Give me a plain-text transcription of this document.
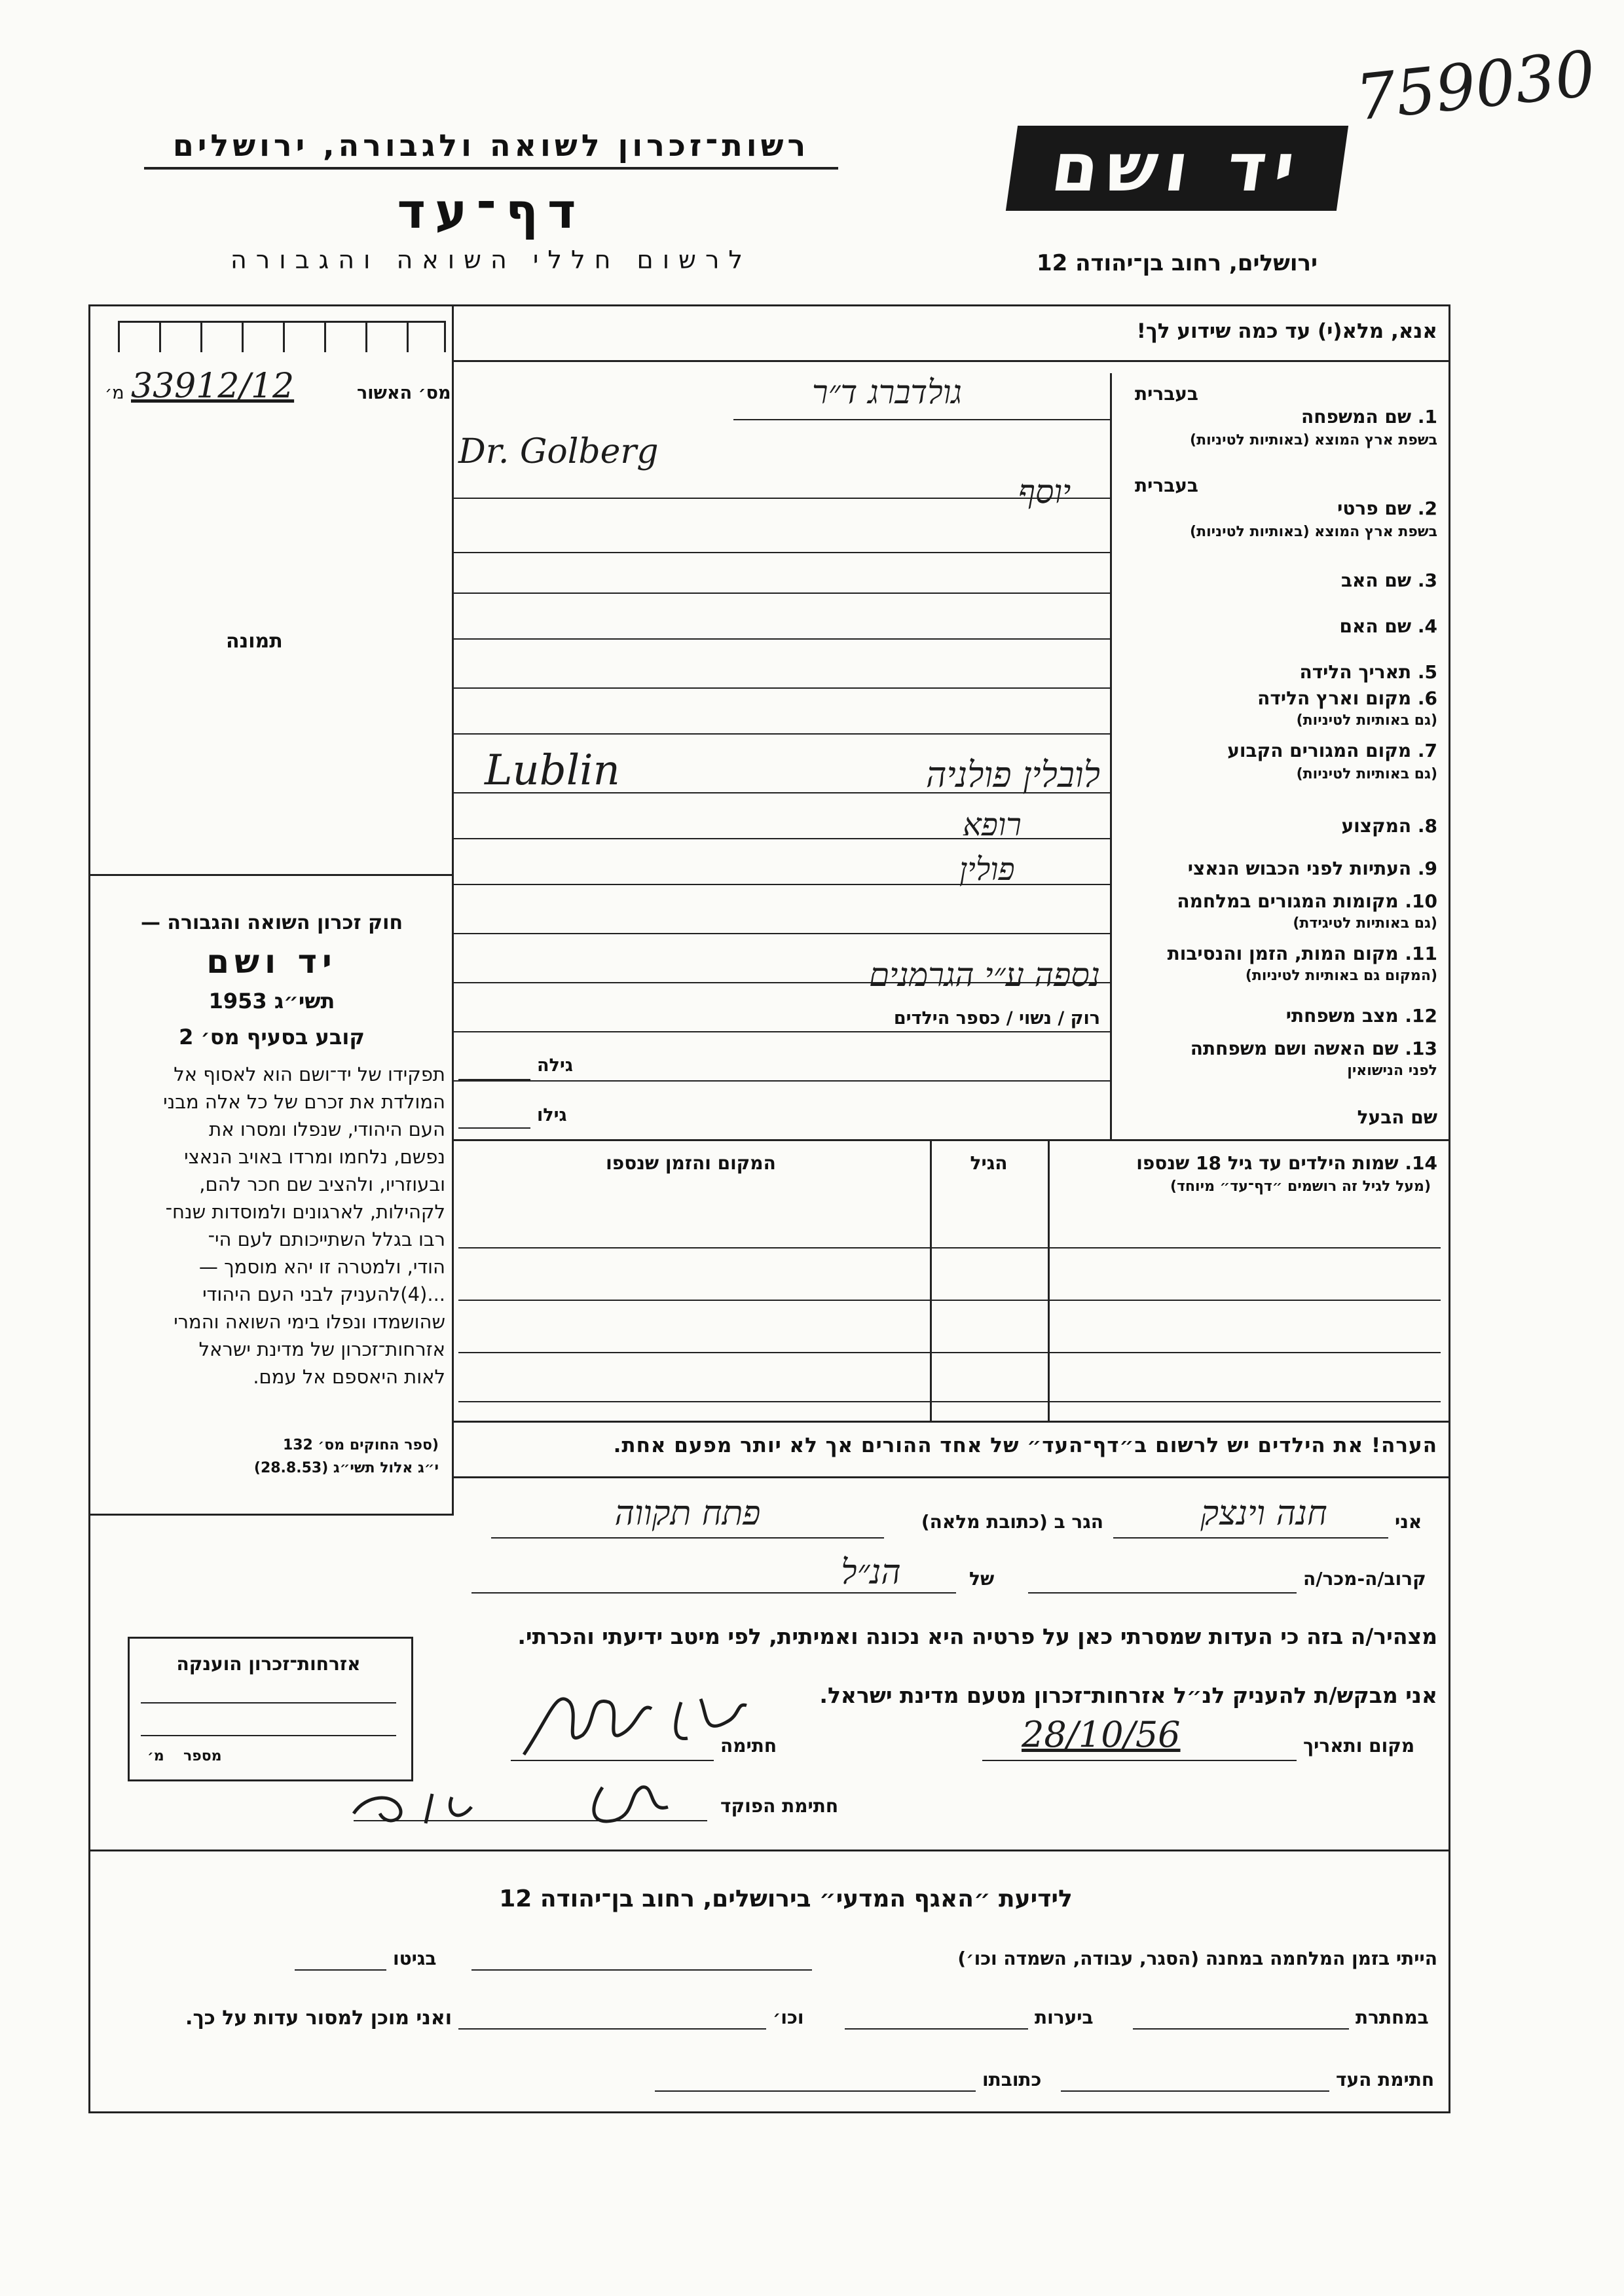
759030
רשות־זכרון לשואה ולגבורה, ירושלים
דף־עד
לרשום חללי השואה והגבורה
יד ושם
ירושלים, רחוב בן־יהודה 12
מס׳ האשור
מ׳ 33912/12
תמונה
חוק זכרון השואה והגבורה —
יד ושם
תשי״ג 1953
קובע בסעיף מס׳ 2
תפקידו של יד־ושם הוא לאסוף אל
המולדת את זכרם של כל אלה מבני
העם היהודי, שנפלו ומסרו את
נפשם, נלחמו ומרדו באויב הנאצי
ובעוזריו, ולהציב שם חכר להם,
לקהילות, לארגונים ולמוסדות שנח־
רבו בגלל השתייכותם לעם הי־
הודי, ולמטרה זו יהא מוסמך —
...(4)להעניק לבני העם היהודי
שהושמדו ונפלו בימי השואה והמרי
אזרחות־זכרון של מדינת ישראל
לאות היאספם אל עמם.
(ספר החוקים מס׳ 132
י״ג אלול תשי״ג (28.8.53)
אנא, מלא(י) עד כמה שידוע לך!
בעברית
1. שם המשפחה
בשפת ארץ המוצא (באותיות לטיניות)
גולדברג ד״ר
Dr. Golberg
בעברית
2. שם פרטי
בשפת ארץ המוצא (באותיות לטיניות)
יוסף
3. שם האב
4. שם האם
5. תאריך הלידה
6. מקום וארץ הלידה
(גם באותיות לטיניות)
7. מקום המגורים הקבוע
(גם באותיות לטיניות)
לובלין פולניה
Lublin
8. המקצוע
רופא
9. העתיות לפני הכבוש הנאצי
פולין
10. מקומות המגורים במלחמה
(גם באותיות לטיגידת)
11. מקום המות, הזמן והנסיבות
(המקום גם באותיות לטיניות)
נספה ע״י הגרמנים
12. מצב משפחתי
רוק / נשוי / כספר הילדים
13. שם האשה ושם משפחתה
לפני הנישואין
גילה
שם הבעל
גילו
14. שמות הילדים עד גיל 18 שנספו
(מעל לגיל זה רושמים ״דף־עד״ מיוחד)
הגיל
המקום והזמן שנספו
הערה! את הילדים יש לרשום ב״דף־העד״ של אחד ההורים אך לא יותר מפעם אחת.
אני
חנה וינצק
הגר ב (כתובת מלאה)
פתח תקווה
קרוב/ה-מכר/ה
של
הנ״ל
מצהיר/ה בזה כי העדות שמסרתי כאן על פרטיה היא נכונה ואמיתית, לפי מיטב ידיעתי והכרתי.
אני מבקש/ת להעניק לנ״ל אזרחות־זכרון מטעם מדינת ישראל.
מקום ותאריך
28/10/56
חתימה
חתימת הפוקד
אזרחות־זכרון הוענקה
מספר
מ׳
לידיעת ״האגף המדעי״ בירושלים, רחוב בן־יהודה 12
הייתי בזמן המלחמה במחנה (הסגר, עבודה, השמדה וכו׳)
בגיטו
במחתרת
ביערות
וכו׳
ואני מוכן למסור עדות על כך.
חתימת העד
כתובתו
